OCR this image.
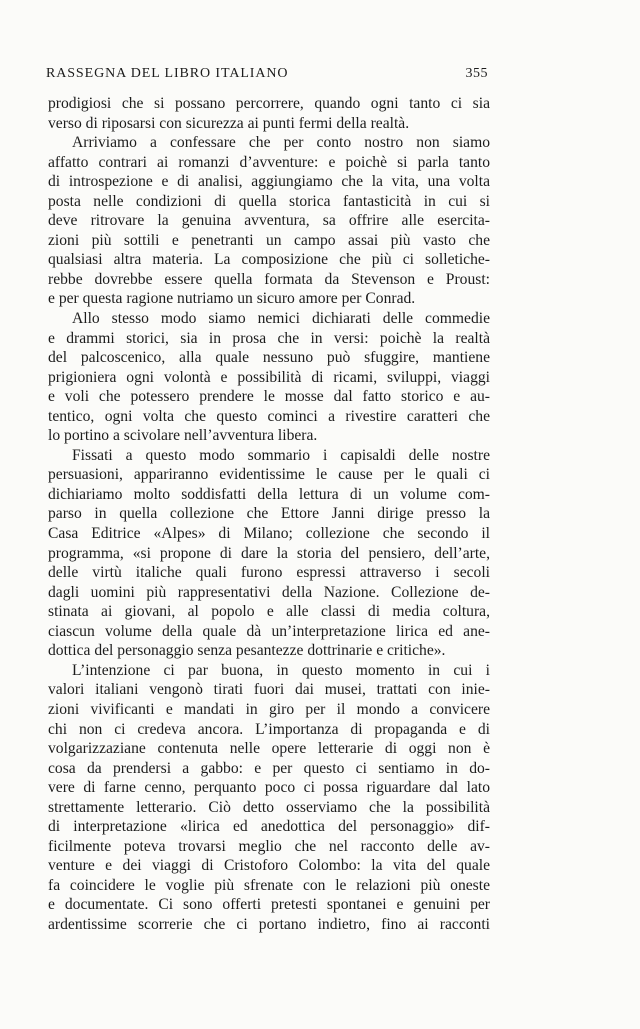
RASSEGNA DEL LIBRO ITALIANO	355
prodigiosi che si possano percorrere, quando ogni tanto ci sia
verso di riposarsi con sicurezza ai punti fermi della realtà.
Arriviamo a confessare che per conto nostro non siamo
affatto contrari ai romanzi d’avventure: e poichè si parla tanto
di introspezione e di analisi, aggiungiamo che la vita, una volta
posta nelle condizioni di quella storica fantasticità in cui si
deve ritrovare la genuina avventura, sa offrire alle esercita-
zioni più sottili e penetranti un campo assai più vasto che
qualsiasi altra materia. La composizione che più ci solletiche-
rebbe dovrebbe essere quella formata da Stevenson e Proust:
e per questa ragione nutriamo un sicuro amore per Conrad.
Allo stesso modo siamo nemici dichiarati delle commedie
e drammi storici, sia in prosa che in versi: poichè la realtà
del palcoscenico, alla quale nessuno può sfuggire, mantiene
prigioniera ogni volontà e possibilità di ricami, sviluppi, viaggi
e voli che potessero prendere le mosse dal fatto storico e au-
tentico, ogni volta che questo cominci a rivestire caratteri che
lo portino a scivolare nell’avventura libera.
Fissati a questo modo sommario i capisaldi delle nostre
persuasioni, appariranno evidentissime le cause per le quali ci
dichiariamo molto soddisfatti della lettura di un volume com-
parso in quella collezione che Ettore Janni dirige presso la
Casa Editrice «Alpes» di Milano; collezione che secondo il
programma, «si propone di dare la storia del pensiero, dell’arte,
delle virtù italiche quali furono espressi attraverso i secoli
dagli uomini più rappresentativi della Nazione. Collezione de-
stinata ai giovani, al popolo e alle classi di media coltura,
ciascun volume della quale dà un’interpretazione lirica ed ane-
dottica del personaggio senza pesantezze dottrinarie e critiche».
L’intenzione ci par buona, in questo momento in cui i
valori italiani vengonò tirati fuori dai musei, trattati con inie-
zioni vivificanti e mandati in giro per il mondo a convicere
chi non ci credeva ancora. L’importanza di propaganda e di
volgarizzaziane contenuta nelle opere letterarie di oggi non è
cosa da prendersi a gabbo: e per questo ci sentiamo in do-
vere di farne cenno, perquanto poco ci possa riguardare dal lato
strettamente letterario. Ciò detto osserviamo che la possibilità
di interpretazione «lirica ed anedottica del personaggio» dif-
ficilmente poteva trovarsi meglio che nel racconto delle av-
venture e dei viaggi di Cristoforo Colombo: la vita del quale
fa coincidere le voglie più sfrenate con le relazioni più oneste
e documentate. Ci sono offerti pretesti spontanei e genuini per
ardentissime scorrerie che ci portano indietro, fino ai racconti
